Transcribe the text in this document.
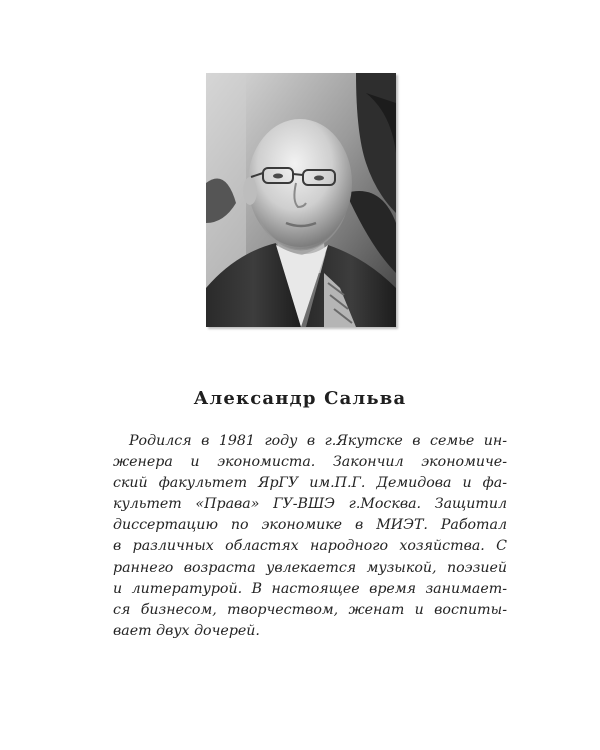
Александр Сальва

Родился в 1981 году в г.Якутске в семье ин-
женера и экономиста. Закончил экономиче-
ский факультет ЯрГУ им.П.Г. Демидова и фа-
культет «Права» ГУ-ВШЭ г.Москва. Защитил
диссертацию по экономике в МИЭТ. Работал
в различных областях народного хозяйства. С
раннего возраста увлекается музыкой, поэзией
и литературой. В настоящее время занимает-
ся бизнесом, творчеством, женат и воспиты-
вает двух дочерей.
